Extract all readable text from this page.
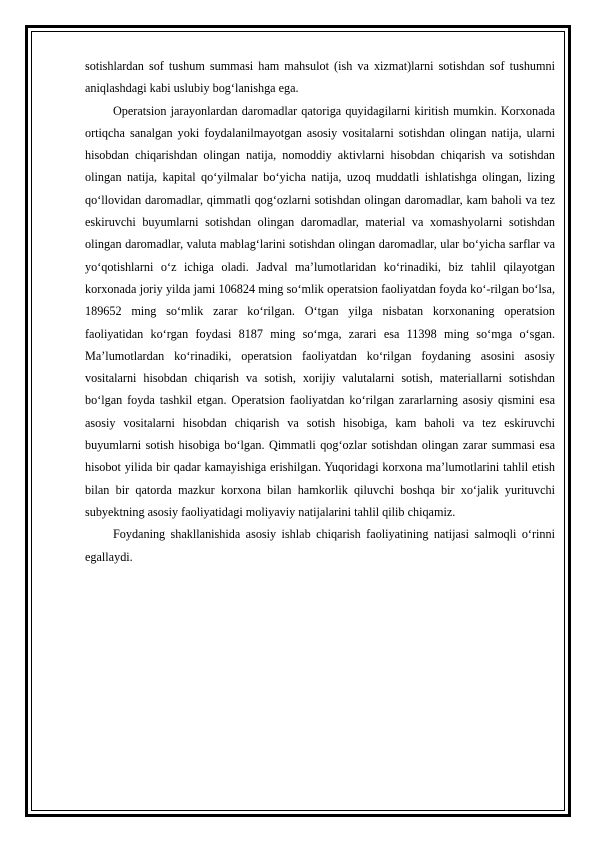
sotishlardan sof tushum summasi ham mahsulot (ish va xizmat)larni sotishdan sof tushumni aniqlashdagi kabi uslubiy bog‘lanishga ega.

Operatsion jarayonlardan daromadlar qatoriga quyidagilarni kiritish mumkin. Korxonada ortiqcha sanalgan yoki foydalanilmayotgan asosiy vositalarni sotishdan olingan natija, ularni hisobdan chiqarishdan olingan natija, nomoddiy aktivlarni hisobdan chiqarish va sotishdan olingan natija, kapital qo‘yilmalar bo‘yicha natija, uzoq muddatli ishlatishga olingan, lizing qo‘llovidan daromadlar, qimmatli qog‘ozlarni sotishdan olingan daromadlar, kam baholi va tez eskiruvchi buyumlarni sotishdan olingan daromadlar, material va xomashyolarni sotishdan olingan daromadlar, valuta mablag‘larini sotishdan olingan daromadlar, ular bo‘yicha sarflar va yo‘qotishlarni o‘z ichiga oladi. Jadval ma’lumotlaridan ko‘rinadiki, biz tahlil qilayotgan korxonada joriy yilda jami 106824 ming so‘mlik operatsion faoliyatdan foyda ko‘-rilgan bo‘lsa, 189652 ming so‘mlik zarar ko‘rilgan. O‘tgan yilga nisbatan korxonaning operatsion faoliyatidan ko‘rgan foydasi 8187 ming so‘mga, zarari esa 11398 ming so‘mga o‘sgan. Ma’lumotlardan ko‘rinadiki, operatsion faoliyatdan ko‘rilgan foydaning asosini asosiy vositalarni hisobdan chiqarish va sotish, xorijiy valutalarni sotish, materiallarni sotishdan bo‘lgan foyda tashkil etgan. Operatsion faoliyatdan ko‘rilgan zararlarning asosiy qismini esa asosiy vositalarni hisobdan chiqarish va sotish hisobiga, kam baholi va tez eskiruvchi buyumlarni sotish hisobiga bo‘lgan. Qimmatli qog‘ozlar sotishdan olingan zarar summasi esa hisobot yilida bir qadar kamayishiga erishilgan. Yuqoridagi korxona ma’lumotlarini tahlil etish bilan bir qatorda mazkur korxona bilan hamkorlik qiluvchi boshqa bir xo‘jalik yurituvchi subyektning asosiy faoliyatidagi moliyaviy natijalarini tahlil qilib chiqamiz.

Foydaning shakllanishida asosiy ishlab chiqarish faoliyatining natijasi salmoqli o‘rinni egallaydi.
